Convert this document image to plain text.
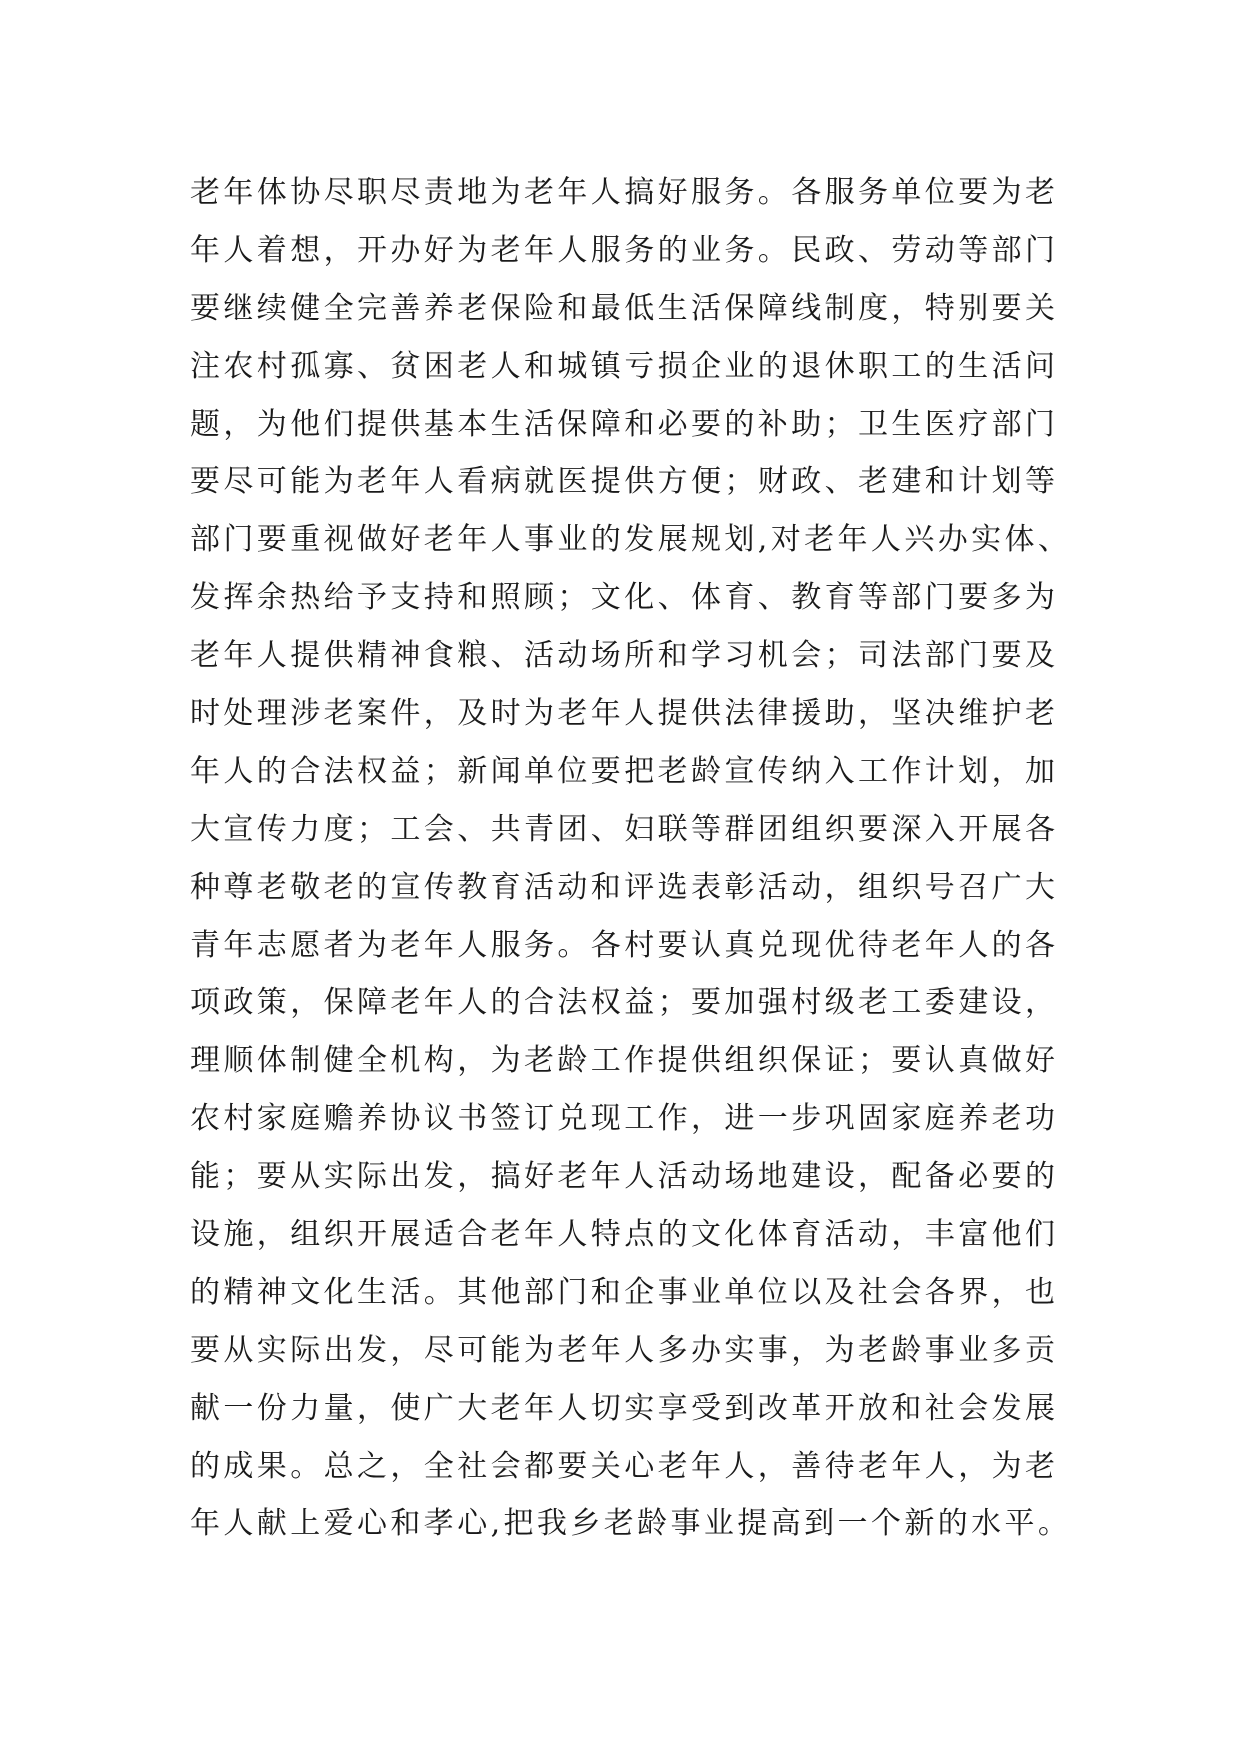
老年体协尽职尽责地为老年人搞好服务。各服务单位要为老
年人着想，开办好为老年人服务的业务。民政、劳动等部门
要继续健全完善养老保险和最低生活保障线制度，特别要关
注农村孤寡、贫困老人和城镇亏损企业的退休职工的生活问
题，为他们提供基本生活保障和必要的补助；卫生医疗部门
要尽可能为老年人看病就医提供方便；财政、老建和计划等
部门要重视做好老年人事业的发展规划,对老年人兴办实体、
发挥余热给予支持和照顾；文化、体育、教育等部门要多为
老年人提供精神食粮、活动场所和学习机会；司法部门要及
时处理涉老案件，及时为老年人提供法律援助，坚决维护老
年人的合法权益；新闻单位要把老龄宣传纳入工作计划，加
大宣传力度；工会、共青团、妇联等群团组织要深入开展各
种尊老敬老的宣传教育活动和评选表彰活动，组织号召广大
青年志愿者为老年人服务。各村要认真兑现优待老年人的各
项政策，保障老年人的合法权益；要加强村级老工委建设，
理顺体制健全机构，为老龄工作提供组织保证；要认真做好
农村家庭赡养协议书签订兑现工作，进一步巩固家庭养老功
能；要从实际出发，搞好老年人活动场地建设，配备必要的
设施，组织开展适合老年人特点的文化体育活动，丰富他们
的精神文化生活。其他部门和企事业单位以及社会各界，也
要从实际出发，尽可能为老年人多办实事，为老龄事业多贡
献一份力量，使广大老年人切实享受到改革开放和社会发展
的成果。总之，全社会都要关心老年人，善待老年人，为老
年人献上爱心和孝心,把我乡老龄事业提高到一个新的水平。
